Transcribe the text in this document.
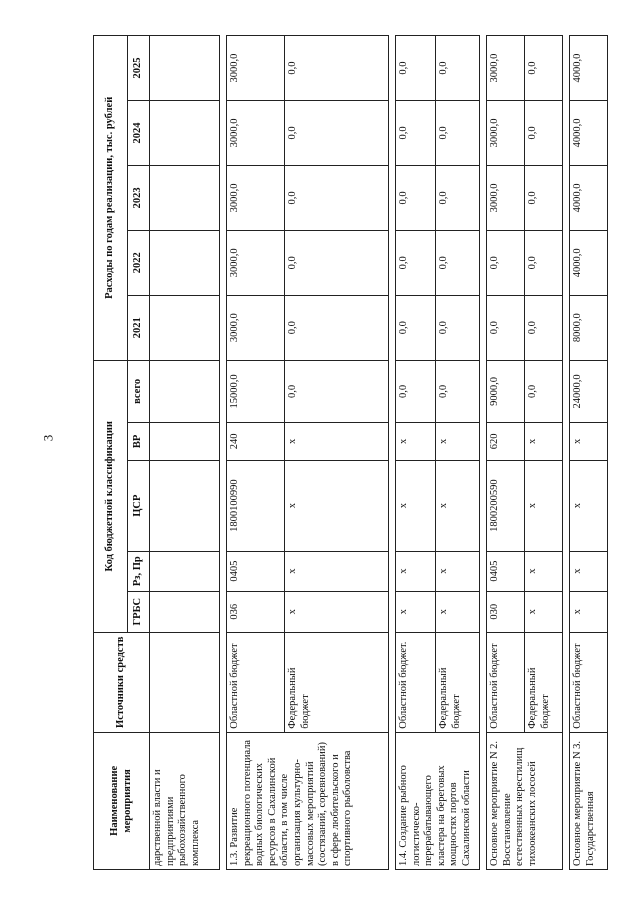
3
Наименование мероприятия	Источники средств	Код бюджетной классификации					Расходы по годам реализации, тыс. рублей				
		ГРБС	Рз, Пр	ЦСР	ВР	всего	2021	2022	2023	2024	2025
дарственной власти и предприятиями рыбохозяйственного комплекса											

1.3. Развитие рекреационного потенциала водных биологических ресурсов в Сахалинской области, в том числе организация культурно-массовых мероприятий (состязаний, соревнований) в сфере любительского и спортивного рыболовства	Областной бюджет	036	0405	1800100990	240	15000,0	3000,0	3000,0	3000,0	3000,0	3000,0
	Федеральный бюджет	x	x	x	x	0,0	0,0	0,0	0,0	0,0	0,0

1.4. Создание рыбного логистическо-перерабатывающего кластера на береговых мощностях портов Сахалинской области	Областной бюджет.	x	x	x	x	0,0	0,0	0,0	0,0	0,0	0,0
	Федеральный бюджет	x	x	x	x	0,0	0,0	0,0	0,0	0,0	0,0

Основное мероприятие N 2. Восстановление естественных нерестилищ тихоокеанских лососей	Областной бюджет	030	0405	1800200590	620	9000,0	0,0	0,0	3000,0	3000,0	3000,0
	Федеральный бюджет	x	x	x	x	0,0	0,0	0,0	0,0	0,0	0,0

Основное мероприятие N 3. Государственная	Областной бюджет	x	x	x	x	24000,0	8000,0	4000,0	4000,0	4000,0	4000,0
